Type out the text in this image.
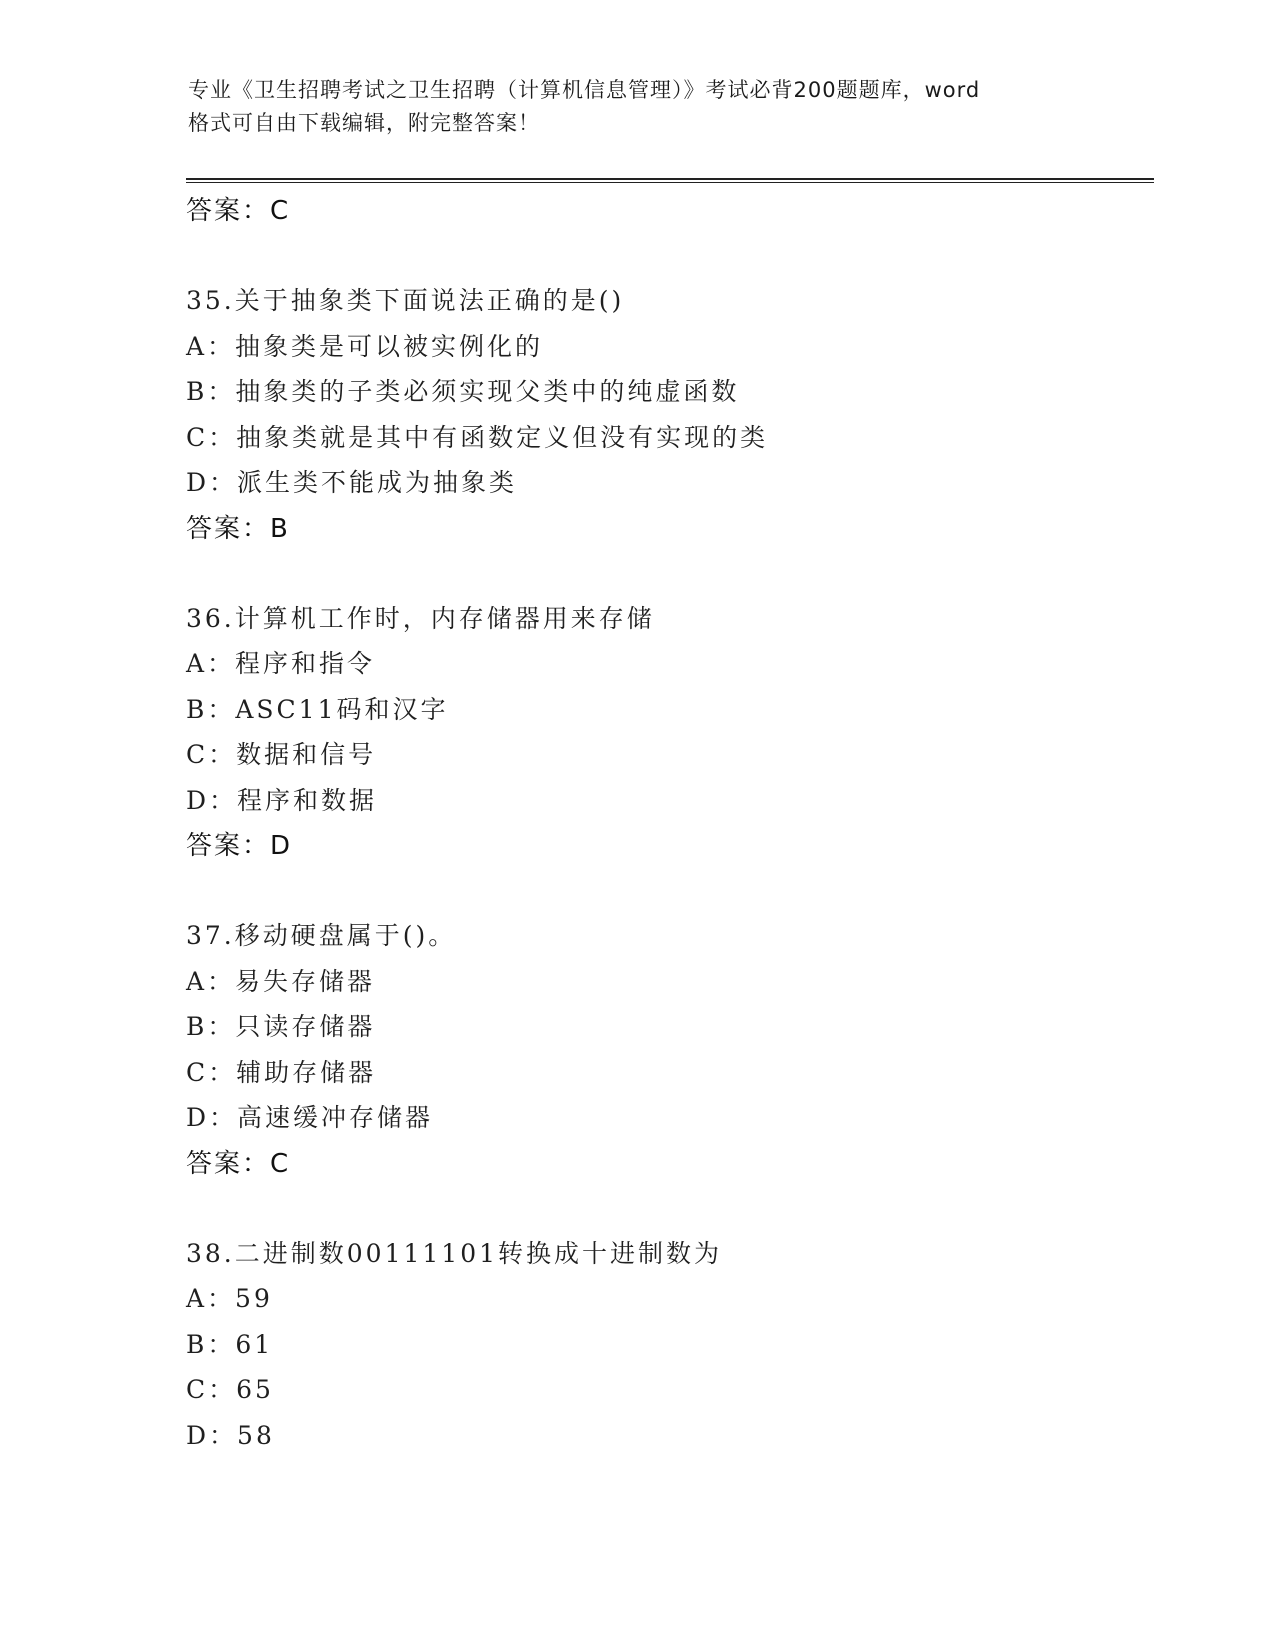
专业《卫生招聘考试之卫生招聘（计算机信息管理）》考试必背200题题库，word
格式可自由下载编辑，附完整答案！
答案：C
35.关于抽象类下面说法正确的是()
A：抽象类是可以被实例化的
B：抽象类的子类必须实现父类中的纯虚函数
C：抽象类就是其中有函数定义但没有实现的类
D：派生类不能成为抽象类
答案：B
36.计算机工作时，内存储器用来存储
A：程序和指令
B：ASC11码和汉字
C：数据和信号
D：程序和数据
答案：D
37.移动硬盘属于()。
A：易失存储器
B：只读存储器
C：辅助存储器
D：高速缓冲存储器
答案：C
38.二进制数00111101转换成十进制数为
A：59
B：61
C：65
D：58
